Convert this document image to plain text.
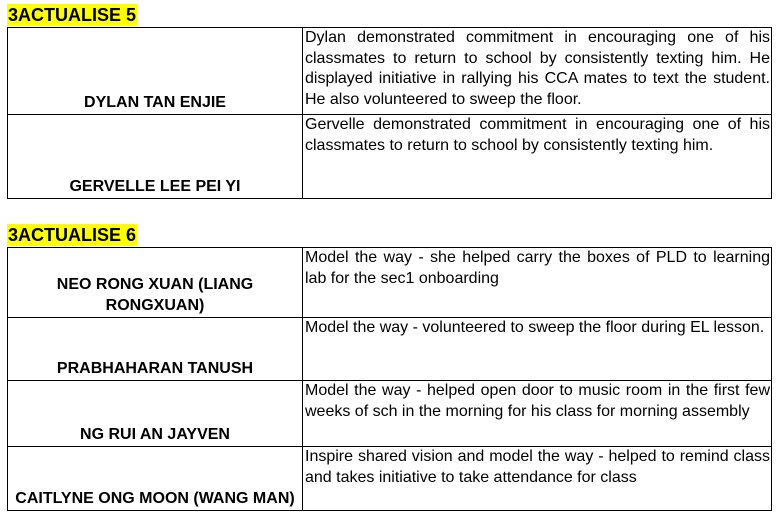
3ACTUALISE 5
DYLAN TAN ENJIE	Dylan demonstrated commitment in encouraging one of his classmates to return to school by consistently texting him. He displayed initiative in rallying his CCA mates to text the student. He also volunteered to sweep the floor.
GERVELLE LEE PEI YI	Gervelle demonstrated commitment in encouraging one of his classmates to return to school by consistently texting him.
3ACTUALISE 6
NEO RONG XUAN (LIANG RONGXUAN)	Model the way - she helped carry the boxes of PLD to learning lab for the sec1 onboarding
PRABHAHARAN TANUSH	Model the way - volunteered to sweep the floor during EL lesson.
NG RUI AN JAYVEN	Model the way - helped open door to music room in the first few weeks of sch in the morning for his class for morning assembly
CAITLYNE ONG MOON (WANG MAN)	Inspire shared vision and model the way - helped to remind class and takes initiative to take attendance for class
